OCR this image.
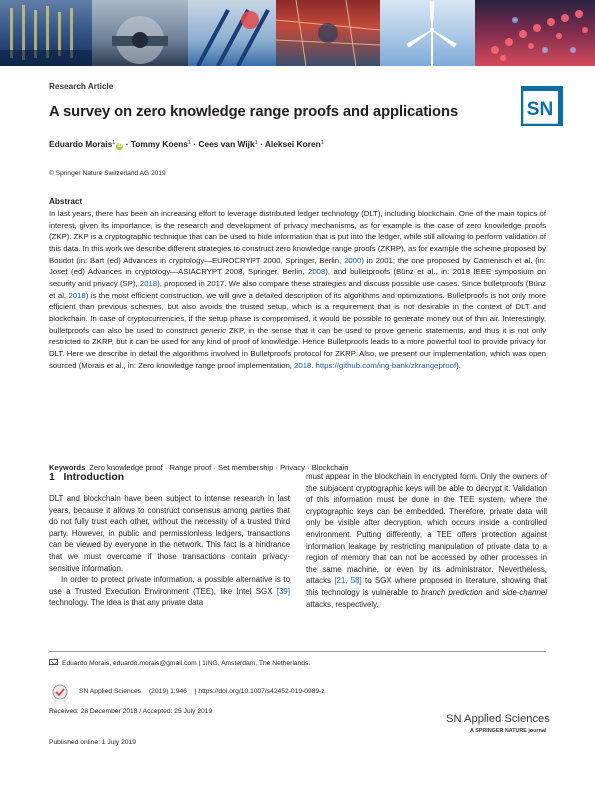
Research Article
SN
A survey on zero knowledge range proofs and applications
Eduardo Morais$^1$ iD · Tommy Koens$^1$ · Cees van Wijk$^1$ · Aleksei Koren$^1$
© Springer Nature Switzerland AG 2019
Abstract
In last years, there has been an increasing effort to leverage distributed ledger technology (DLT), including blockchain. One of the main topics of interest, given its importance, is the research and development of privacy mechanisms, as for example is the case of zero knowledge proofs (ZKP). ZKP is a cryptographic technique that can be used to hide information that is put into the ledger, while still allowing to perform validation of this data. In this work we describe different strategies to construct zero knowledge range proofs (ZKRP), as for example the scheme proposed by Boudot (in: Bart (ed) Advances in cryptology—EUROCRYPT 2000, Springer, Berlin, 2000) in 2001; the one proposed by Camenisch et al. (in: Josef (ed) Advances in cryptology—ASIACRYPT 2008, Springer, Berlin, 2008), and bulletproofs (Bünz et al., in: 2018 IEEE symposium on security and privacy (SP), 2018), proposed in 2017. We also compare these strategies and discuss possible use cases. Since bulletproofs (Bünz et al. 2018) is the most efficient construction, we will give a detailed description of its algorithms and optimizations. Bulletproofs is not only more efficient than previous schemes, but also avoids the trusted setup, which is a requirement that is not desirable in the context of DLT and blockchain. In case of cryptocurrencies, if the setup phase is compromised, it would be possible to generate money out of thin air. Interestingly, bulletproofs can also be used to construct generic ZKP, in the sense that it can be used to prove generic statements, and thus it is not only restricted to ZKRP, but it can be used for any kind of proof of knowledge. Hence Bulletproofs leads to a more powerful tool to provide privacy for DLT. Here we describe in detail the algorithms involved in Bulletproofs protocol for ZKRP. Also, we present our implementation, which was open sourced (Morais et al., in: Zero knowledge range proof implementation, 2018. https://github.com/ing-bank/zkrangeproof).
Keywords Zero knowledge proof · Range proof · Set membership · Privacy · Blockchain
1 Introduction

DLT and blockchain have been subject to intense research in last years, because it allows to construct consensus among parties that do not fully trust each other, without the necessity of a trusted third party. However, in public and permissionless ledgers, transactions can be viewed by everyone in the network. This fact is a hindrance that we must overcome if those transactions contain privacy-sensitive information.

In order to protect private information, a possible alternative is to use a Trusted Execution Environment (TEE), like Intel SGX [39] technology. The idea is that any private data

must appear in the blockchain in encrypted form. Only the owners of the subjacent cryptographic keys will be able to decrypt it. Validation of this information must be done in the TEE system, where the cryptographic keys can be embedded. Therefore, private data will only be visible after decryption, which occurs inside a controlled environment. Putting differently, a TEE offers protection against information leakage by restricting manipulation of private data to a region of memory that can not be accessed by other processes in the same machine, or even by its administrator. Nevertheless, attacks [21, 58] to SGX where proposed in literature, showing that this technology is vulnerable to branch prediction and side-channel attacks, respectively.

Eduardo Morais, eduardo.morais@gmail.com | 1ING, Amsterdam, The Netherlands.
SN Applied Sciences (2019) 1:946 | https://doi.org/10.1007/s42452-019-0989-z
Received: 28 December 2018 / Accepted: 25 July 2019
SN Applied Sciences
A SPRINGER NATURE journal
Published online: 1 July 2019
